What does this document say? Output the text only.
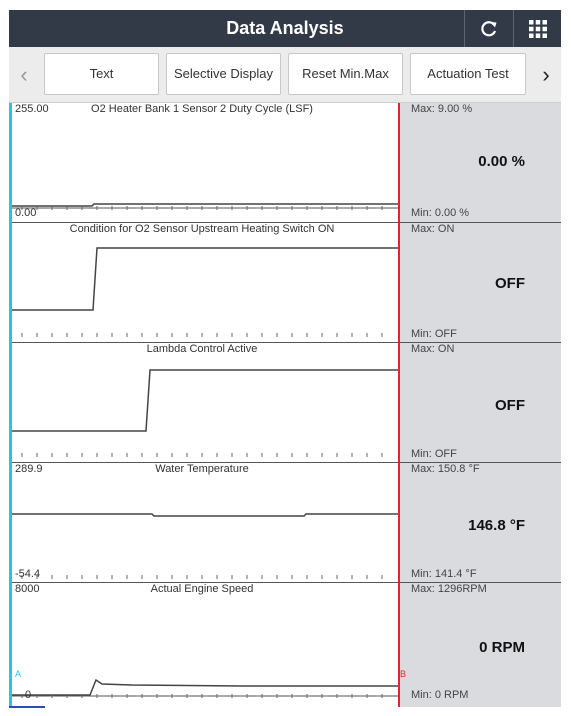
Data Analysis
‹	Text	Selective Display	Reset Min.Max	Actuation Test	›
O2 Heater Bank 1 Sensor 2 Duty Cycle (LSF)
255.00
0.00
Max: 9.00 %
0.00 %
Min: 0.00 %
Condition for O2 Sensor Upstream Heating Switch ON	Max: ON
OFF
Min: OFF
Lambda Control Active	Max: ON
OFF
Min: OFF
Water Temperature
289.9
-54.4
Max: 150.8 °F
146.8 °F
Min: 141.4 °F
Actual Engine Speed
8000
0
Max: 1296RPM
0 RPM
Min: 0 RPM
A	B
